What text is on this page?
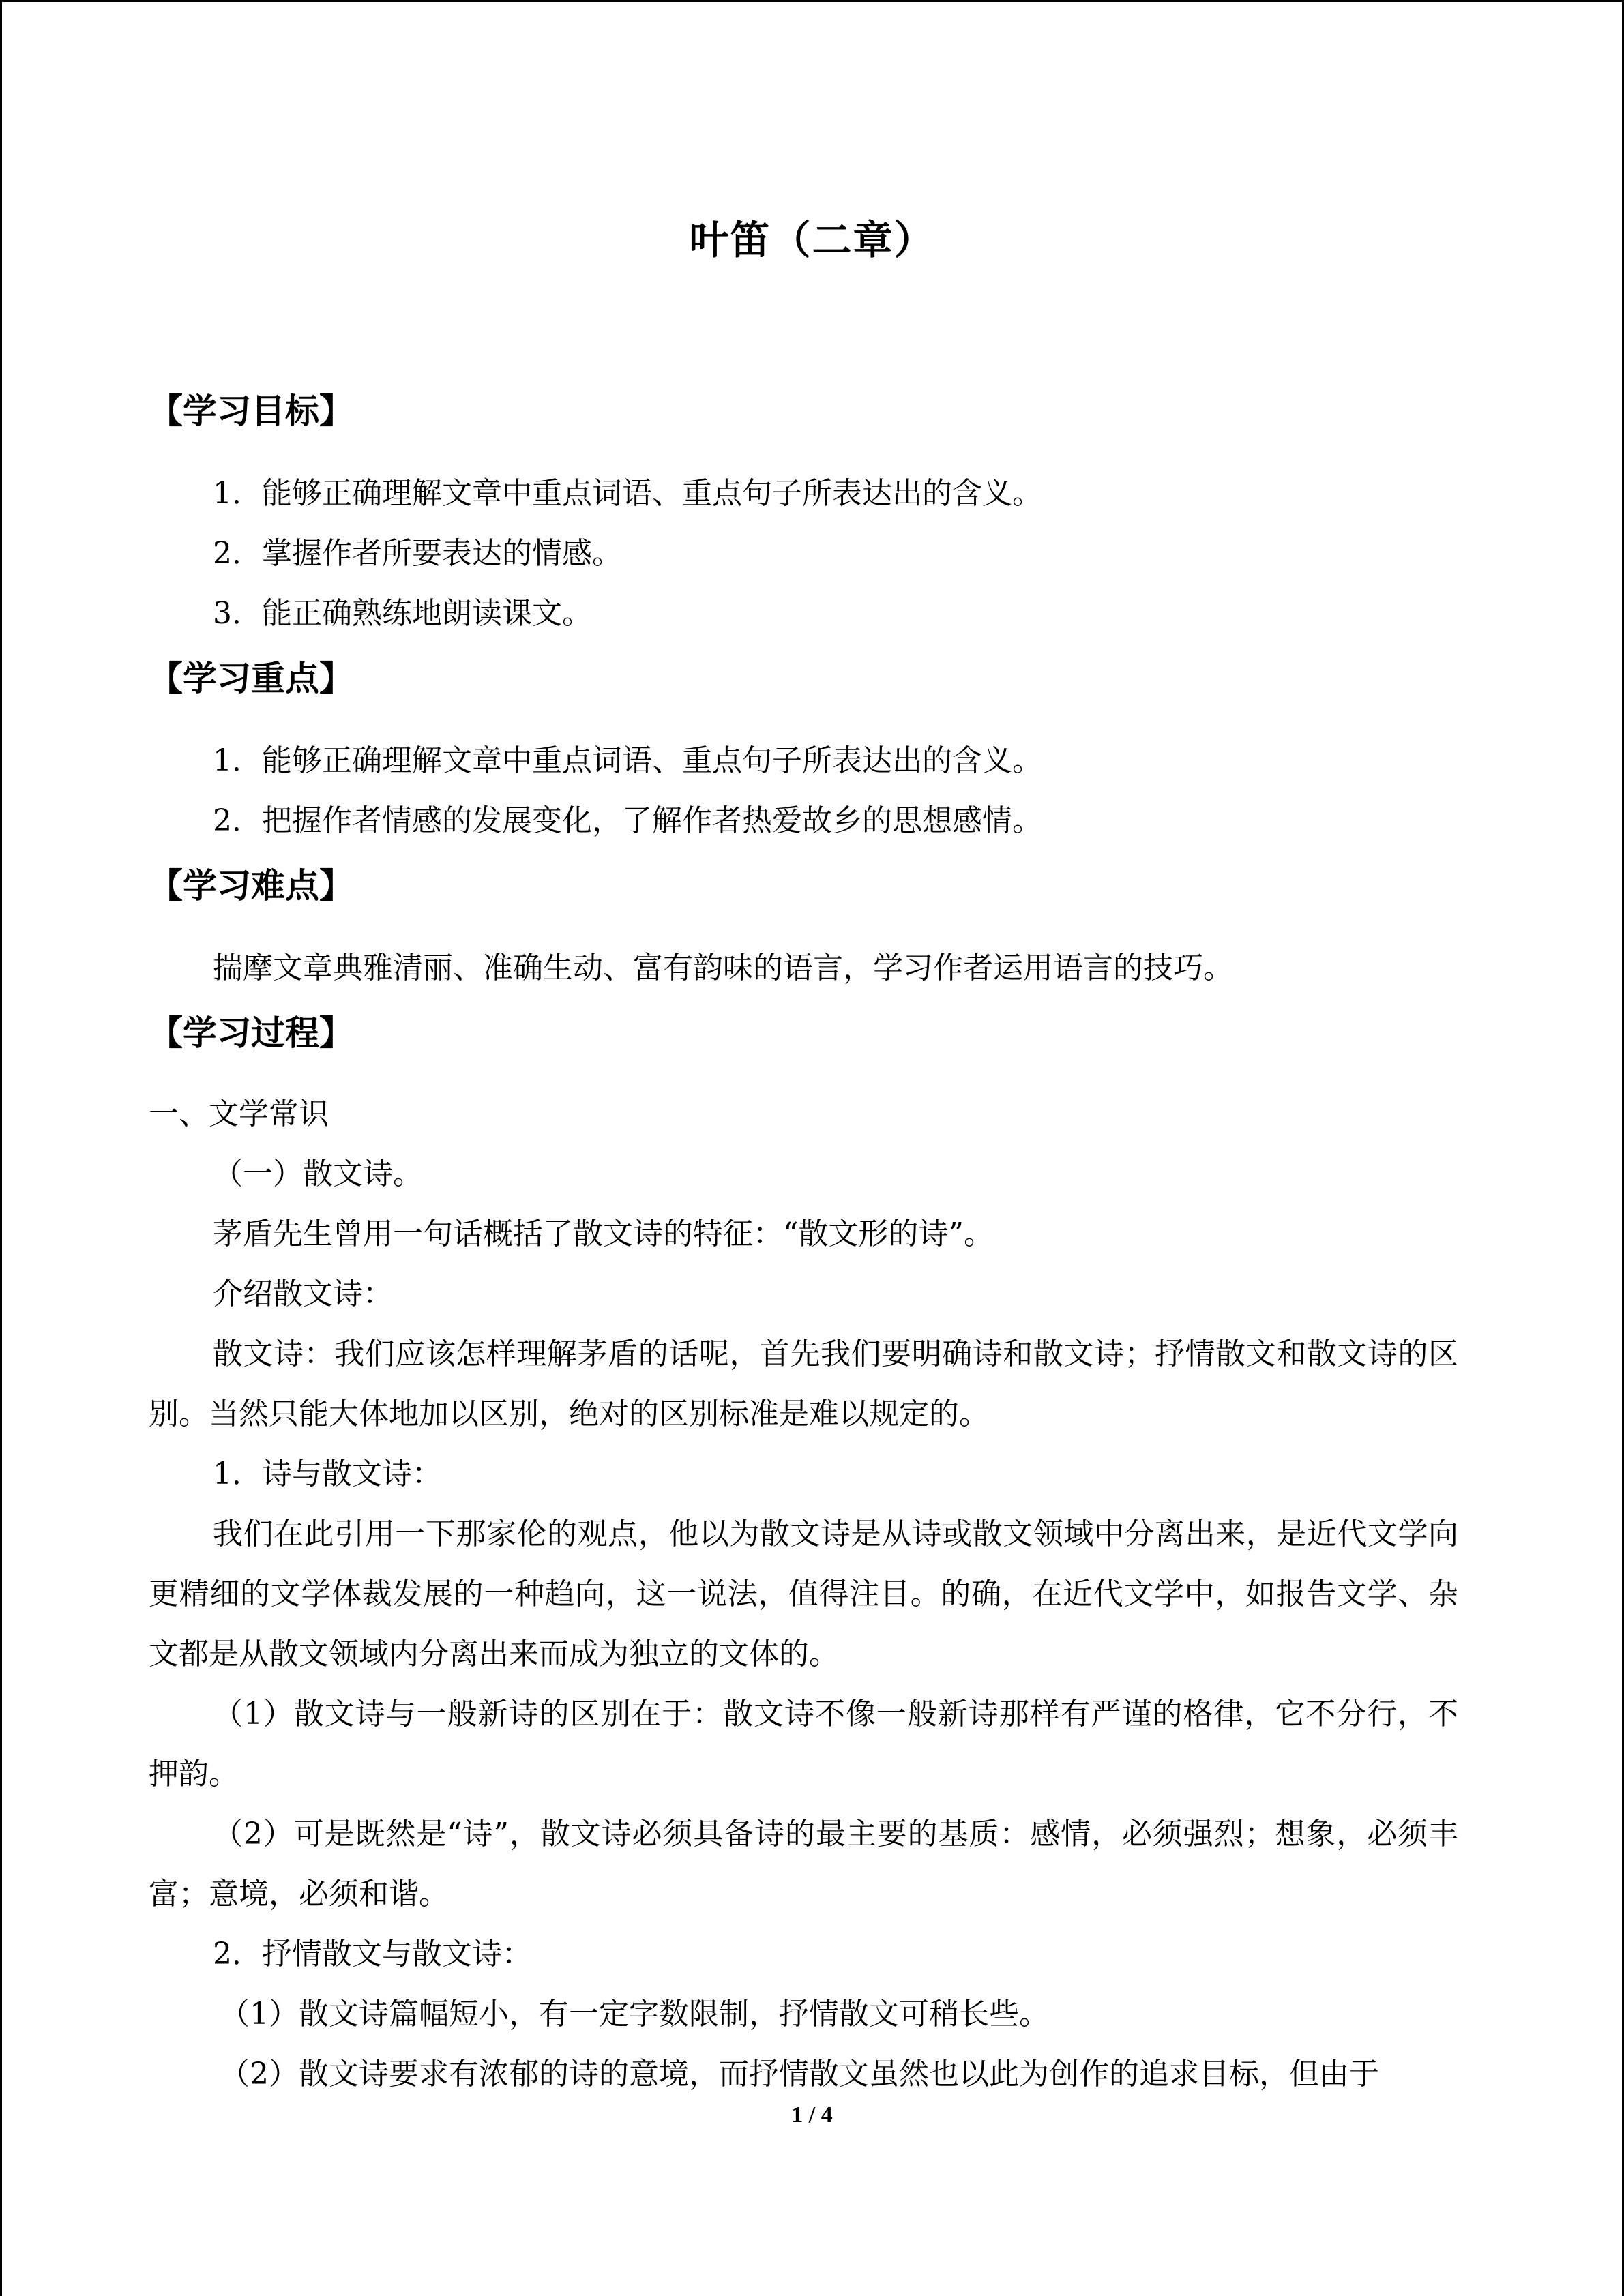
叶笛（二章）
【学习目标】
1．能够正确理解文章中重点词语、重点句子所表达出的含义。
2．掌握作者所要表达的情感。
3．能正确熟练地朗读课文。
【学习重点】
1．能够正确理解文章中重点词语、重点句子所表达出的含义。
2．把握作者情感的发展变化，了解作者热爱故乡的思想感情。
【学习难点】
揣摩文章典雅清丽、准确生动、富有韵味的语言，学习作者运用语言的技巧。
【学习过程】
一、文学常识
（一）散文诗。
茅盾先生曾用一句话概括了散文诗的特征：“散文形的诗”。
介绍散文诗：
散文诗：我们应该怎样理解茅盾的话呢，首先我们要明确诗和散文诗；抒情散文和散文诗的区别。当然只能大体地加以区别，绝对的区别标准是难以规定的。
1．诗与散文诗：
我们在此引用一下那家伦的观点，他以为散文诗是从诗或散文领域中分离出来，是近代文学向更精细的文学体裁发展的一种趋向，这一说法，值得注目。的确，在近代文学中，如报告文学、杂文都是从散文领域内分离出来而成为独立的文体的。
（1）散文诗与一般新诗的区别在于：散文诗不像一般新诗那样有严谨的格律，它不分行，不押韵。
（2）可是既然是“诗”，散文诗必须具备诗的最主要的基质：感情，必须强烈；想象，必须丰富；意境，必须和谐。
2．抒情散文与散文诗：
（1）散文诗篇幅短小，有一定字数限制，抒情散文可稍长些。
（2）散文诗要求有浓郁的诗的意境，而抒情散文虽然也以此为创作的追求目标，但由于
1 / 4
